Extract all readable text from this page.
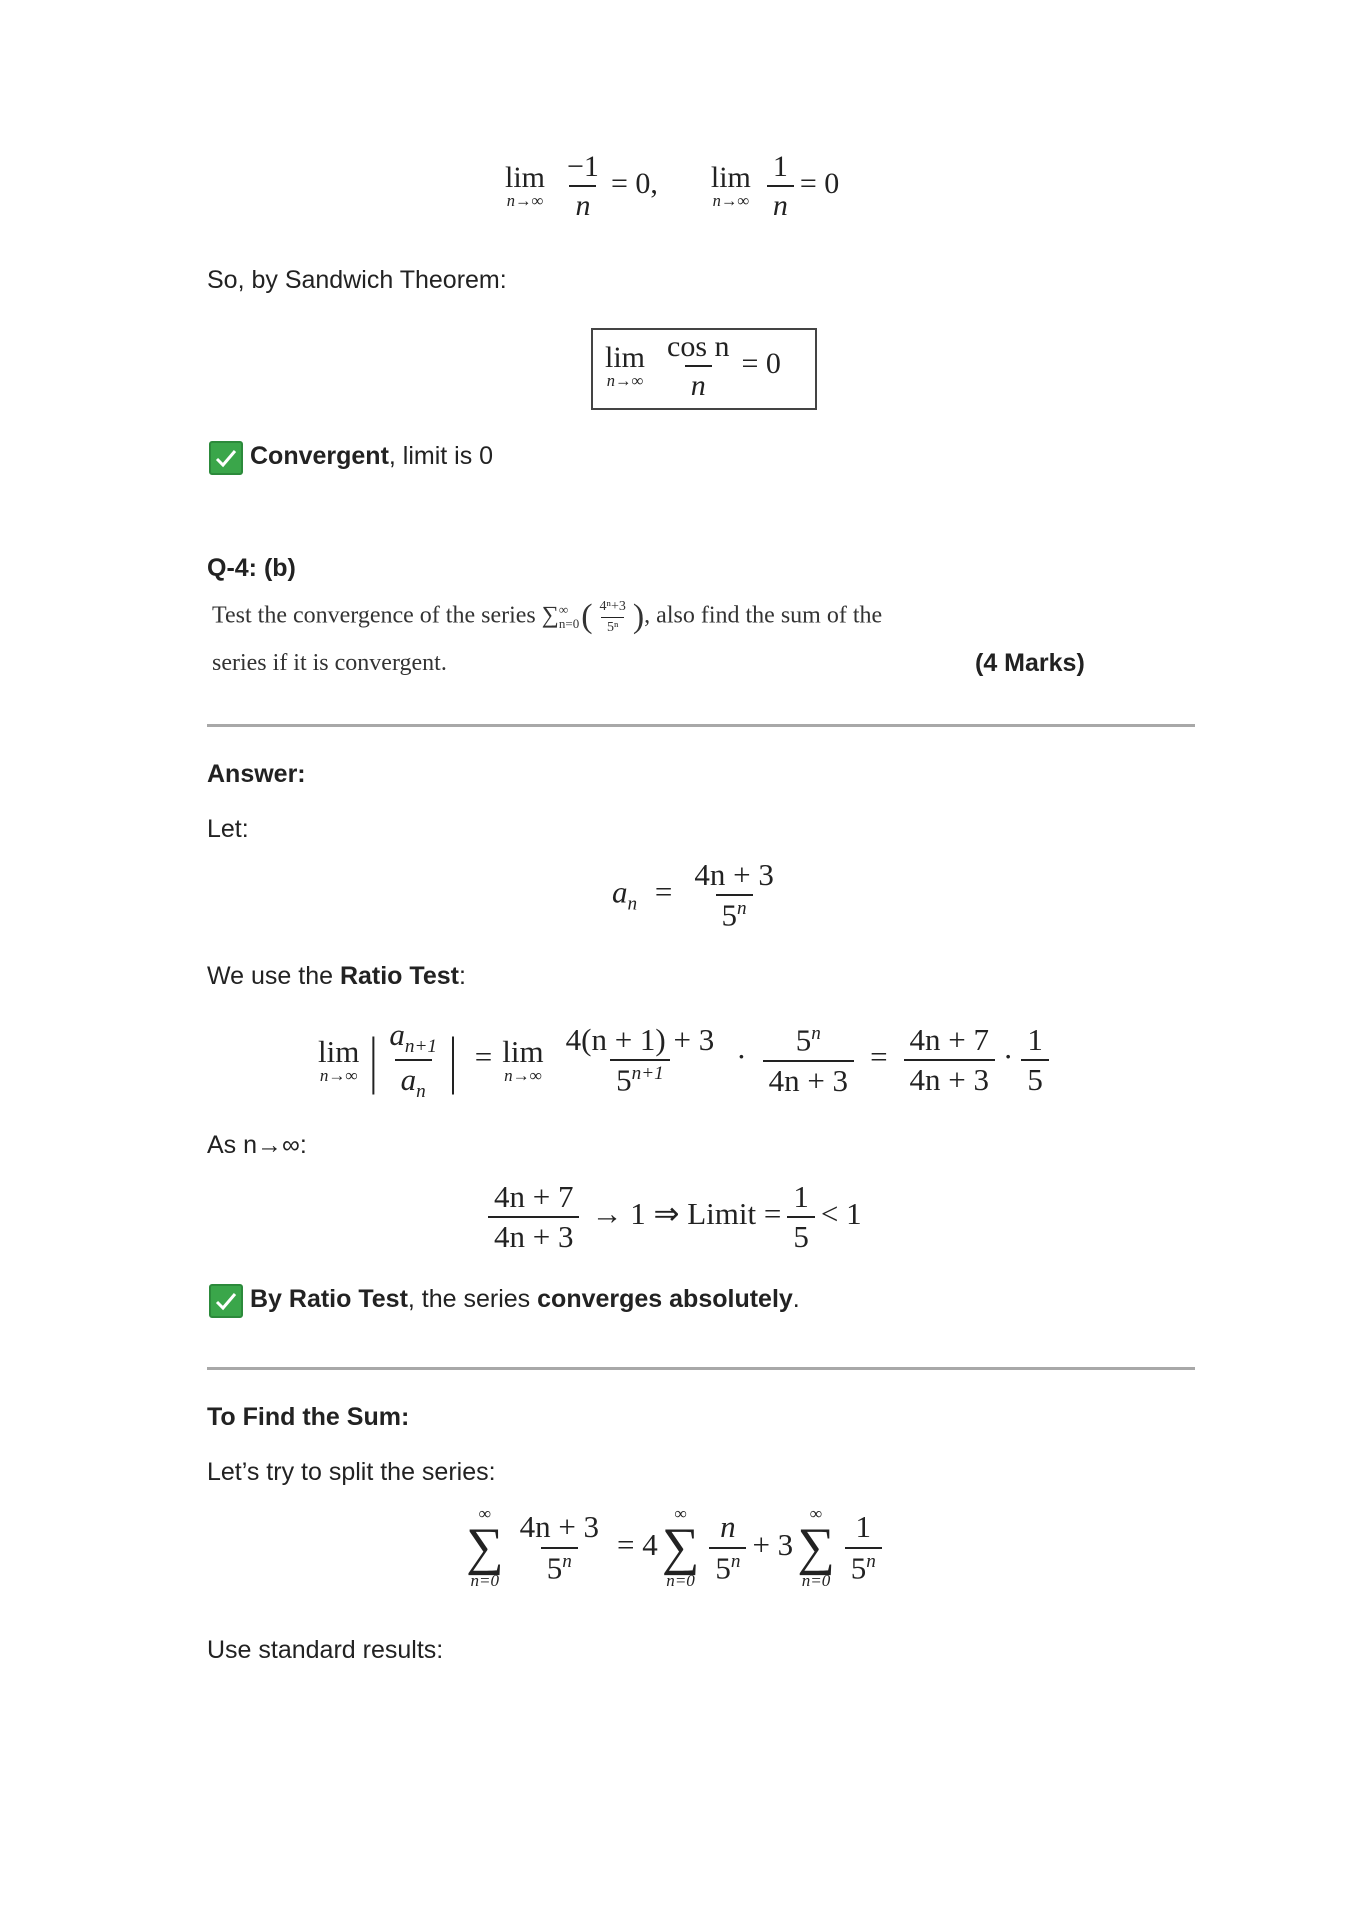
lim
$n\to\infty \frac{-1}{n} = 0$, lim
$n\to\infty \frac{1}{n} = 0$
So, by Sandwich Theorem:
lim
$n\to\infty \frac{\text{cos n}}{n} = 0$
Convergent, limit is 0
Q-4: (b)
Test the convergence of the series ∑ ∞
n=0 ( $\frac{\text{4ⁿ+3}}{\text{5ⁿ}}$ ), also find the sum of the
series if it is convergent.	(4 Marks)
Answer:
Let:
$a_n = \frac{4n + 3}{5^n}$
We use the Ratio Test:
lim
n→∞ | $\frac{a_{n+1}}{a_n}$ | = lim
$n\to\infty \frac{4(n + 1) + 3}{5^{n+1}} \cdot \frac{5^n}{4n + 3} = \frac{4n + 7}{4n + 3} \cdot \frac{1}{5}$
As n→∞:
$\frac{4n + 7}{4n + 3} \to 1$ ⇒ Limit = $\frac{1}{5} < 1$
By Ratio Test, the series converges absolutely.
To Find the Sum:
Let’s try to split the series:
∞
∑
$n=0 \frac{4n + 3}{5^n} = 4$
∞
∑
$n=0 \frac{n}{5^n} + 3$
∞
∑
$n=0 \frac{1}{5^n}$
Use standard results:
